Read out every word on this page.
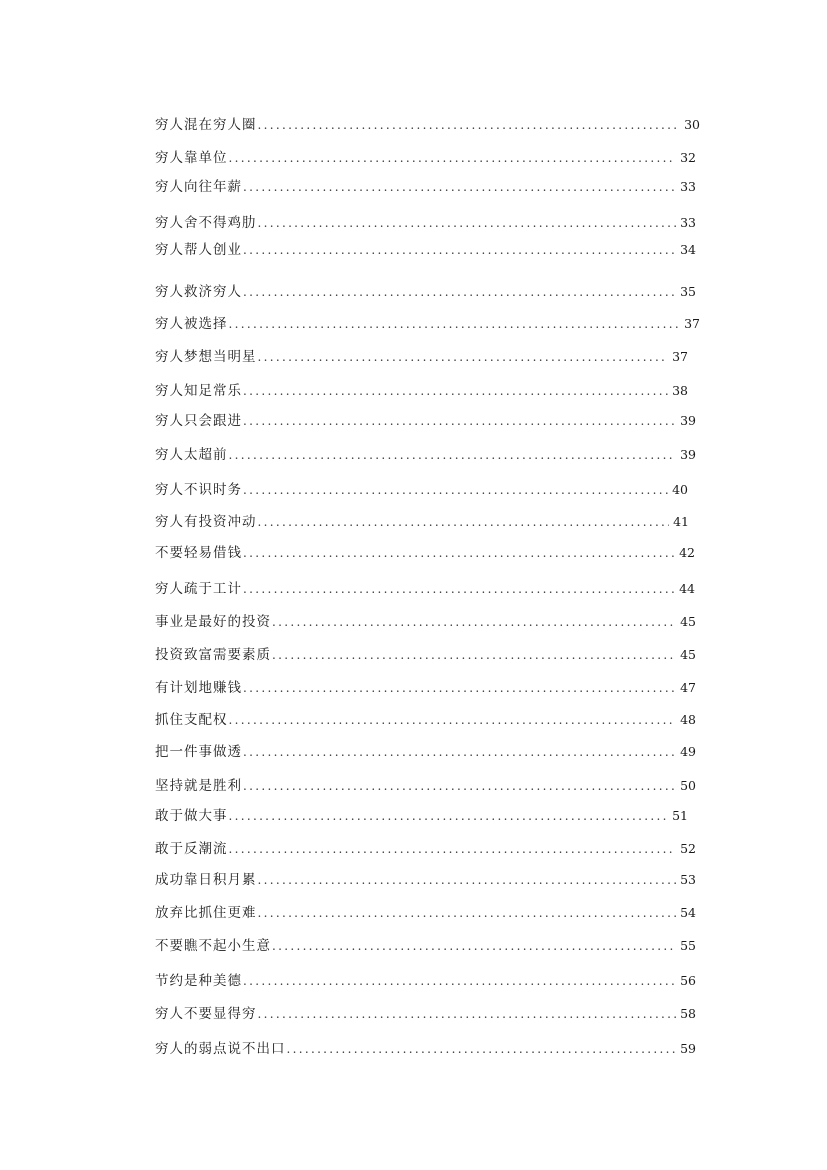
穷人混在穷人圈 .....	30
穷人靠单位 .....	32
穷人向往年薪 .....	33
穷人舍不得鸡肋 .....	33
穷人帮人创业 .....	34
穷人救济穷人 .....	35
穷人被选择 .....	37
穷人梦想当明星 .....	37
穷人知足常乐 .....	38
穷人只会跟进 .....	39
穷人太超前 .....	39
穷人不识时务 .....	40
穷人有投资冲动 .....	41
不要轻易借钱 .....	42
穷人疏于工计 .....	44
事业是最好的投资 .....	45
投资致富需要素质 .....	45
有计划地赚钱 .....	47
抓住支配权 .....	48
把一件事做透 .....	49
坚持就是胜利 .....	50
敢于做大事 .....	51
敢于反潮流 .....	52
成功靠日积月累 .....	53
放弃比抓住更难 .....	54
不要瞧不起小生意 .....	55
节约是种美德 .....	56
穷人不要显得穷 .....	58
穷人的弱点说不出口 .....	59
